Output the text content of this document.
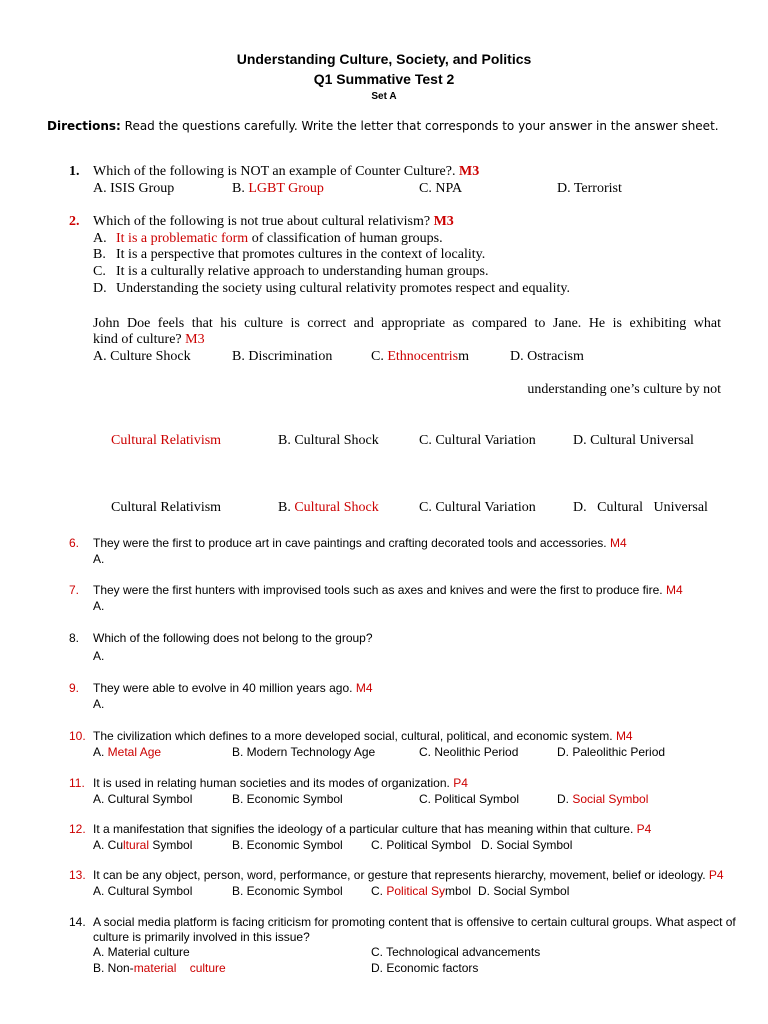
Understanding Culture, Society, and Politics
Q1 Summative Test 2
Set A
Directions: Read the questions carefully. Write the letter that corresponds to your answer in the answer sheet.
1. Which of the following is NOT an example of Counter Culture?. M3
A. ISIS Group	B. LGBT Group	C. NPA	D. Terrorist
2. Which of the following is not true about cultural relativism? M3
A. It is a problematic form of classification of human groups.
B. It is a perspective that promotes cultures in the context of locality.
C. It is a culturally relative approach to understanding human groups.
D. Understanding the society using cultural relativity promotes respect and equality.
John Doe feels that his culture is correct and appropriate as compared to Jane. He is exhibiting what
kind of culture? M3
A. Culture Shock	B. Discrimination	C. Ethnocentrism	D. Ostracism
understanding one’s culture by not
Cultural Relativism	B. Cultural Shock	C. Cultural Variation	D. Cultural Universal
Cultural Relativism	B. Cultural Shock	C. Cultural Variation	D.   Cultural   Universal
6. They were the first to produce art in cave paintings and crafting decorated tools and accessories. M4
A.
7. They were the first hunters with improvised tools such as axes and knives and were the first to produce fire. M4
A.
8. Which of the following does not belong to the group?
A.
9. They were able to evolve in 40 million years ago. M4
A.
10. The civilization which defines to a more developed social, cultural, political, and economic system. M4
A. Metal Age	B. Modern Technology Age	C. Neolithic Period	D. Paleolithic Period
11. It is used in relating human societies and its modes of organization. P4
A. Cultural Symbol	B. Economic Symbol	C. Political Symbol	D. Social Symbol
12. It a manifestation that signifies the ideology of a particular culture that has meaning within that culture. P4
A. Cultural Symbol	B. Economic Symbol C. Political Symbol   D. Social Symbol
13. It can be any object, person, word, performance, or gesture that represents hierarchy, movement, belief or ideology. P4
A. Cultural Symbol	B. Economic Symbol C. Political Symbol D. Social Symbol
14. A social media platform is facing criticism for promoting content that is offensive to certain cultural groups. What aspect of
culture is primarily involved in this issue?
A. Material culture	C. Technological advancements
B. Non-material    culture	D. Economic factors
